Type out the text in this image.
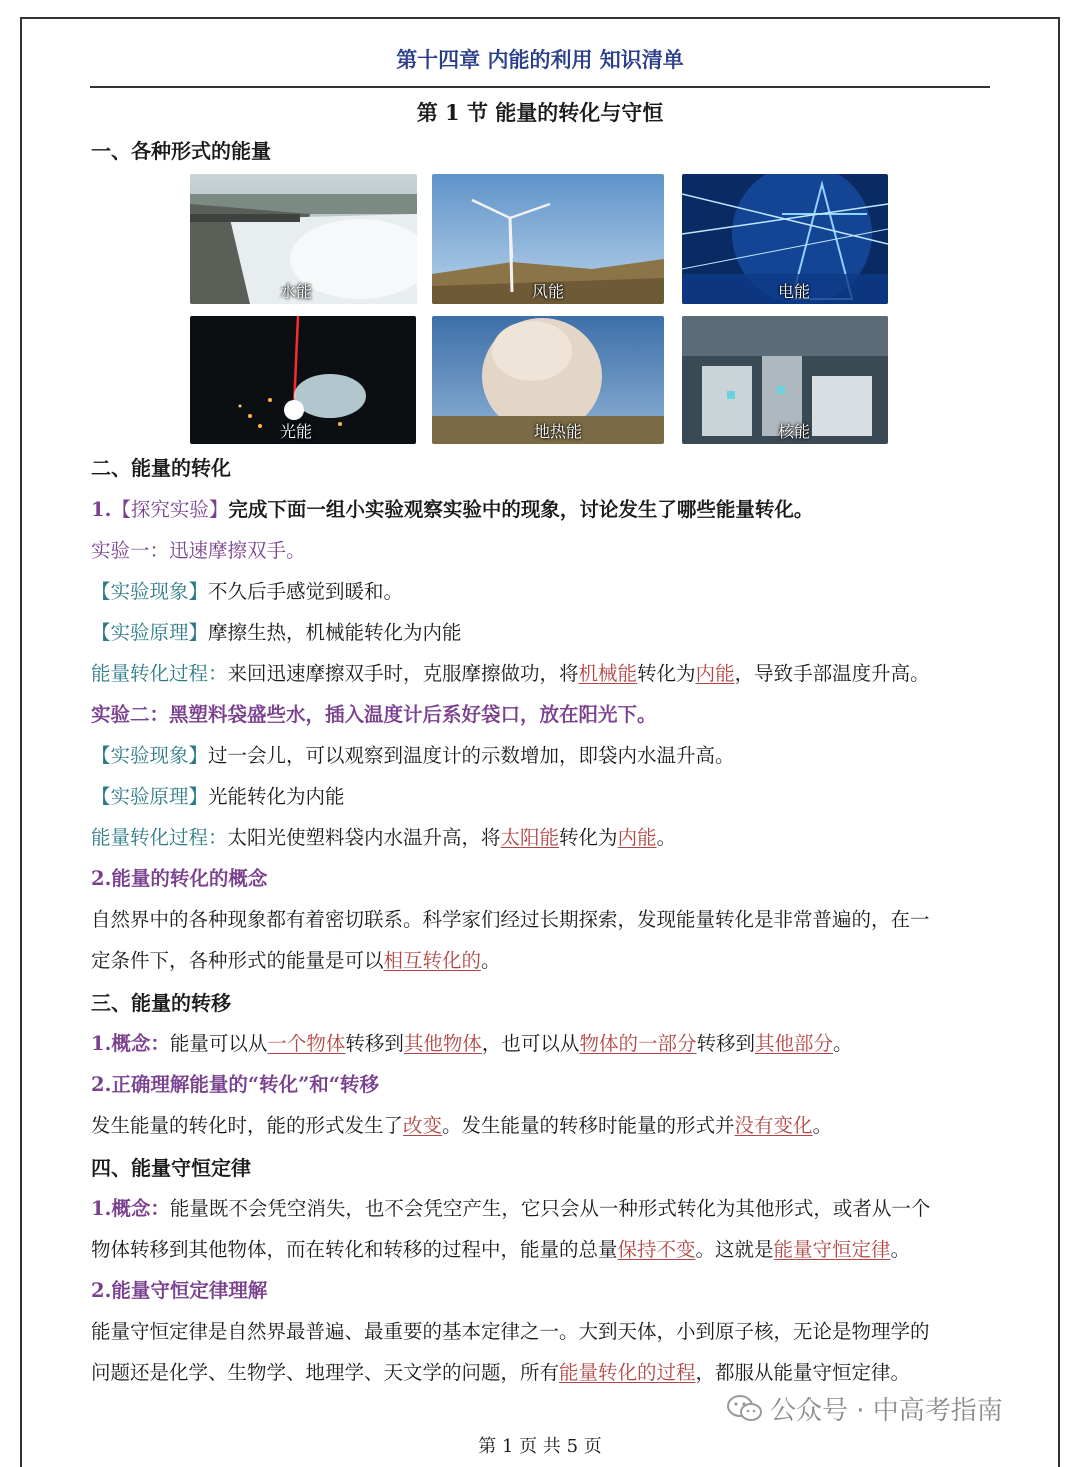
第十四章 内能的利用 知识清单
第 1 节 能量的转化与守恒
一、各种形式的能量
水能	风能	电能
光能	地热能	核能
二、能量的转化
1.【探究实验】完成下面一组小实验观察实验中的现象，讨论发生了哪些能量转化。
实验一：迅速摩擦双手。
【实验现象】不久后手感觉到暖和。
【实验原理】摩擦生热，机械能转化为内能
能量转化过程：来回迅速摩擦双手时，克服摩擦做功，将机械能转化为内能，导致手部温度升高。
实验二：黑塑料袋盛些水，插入温度计后系好袋口，放在阳光下。
【实验现象】过一会儿，可以观察到温度计的示数增加，即袋内水温升高。
【实验原理】光能转化为内能
能量转化过程：太阳光使塑料袋内水温升高，将太阳能转化为内能。
2.能量的转化的概念
自然界中的各种现象都有着密切联系。科学家们经过长期探索，发现能量转化是非常普遍的，在一
定条件下，各种形式的能量是可以相互转化的。
三、能量的转移
1.概念：能量可以从一个物体转移到其他物体，也可以从物体的一部分转移到其他部分。
2.正确理解能量的“转化”和“转移
发生能量的转化时，能的形式发生了改变。发生能量的转移时能量的形式并没有变化。
四、能量守恒定律
1.概念：能量既不会凭空消失，也不会凭空产生，它只会从一种形式转化为其他形式，或者从一个
物体转移到其他物体，而在转化和转移的过程中，能量的总量保持不变。这就是能量守恒定律。
2.能量守恒定律理解
能量守恒定律是自然界最普遍、最重要的基本定律之一。大到天体，小到原子核，无论是物理学的
问题还是化学、生物学、地理学、天文学的问题，所有能量转化的过程，都服从能量守恒定律。
公众号 · 中高考指南
第 1 页 共 5 页
